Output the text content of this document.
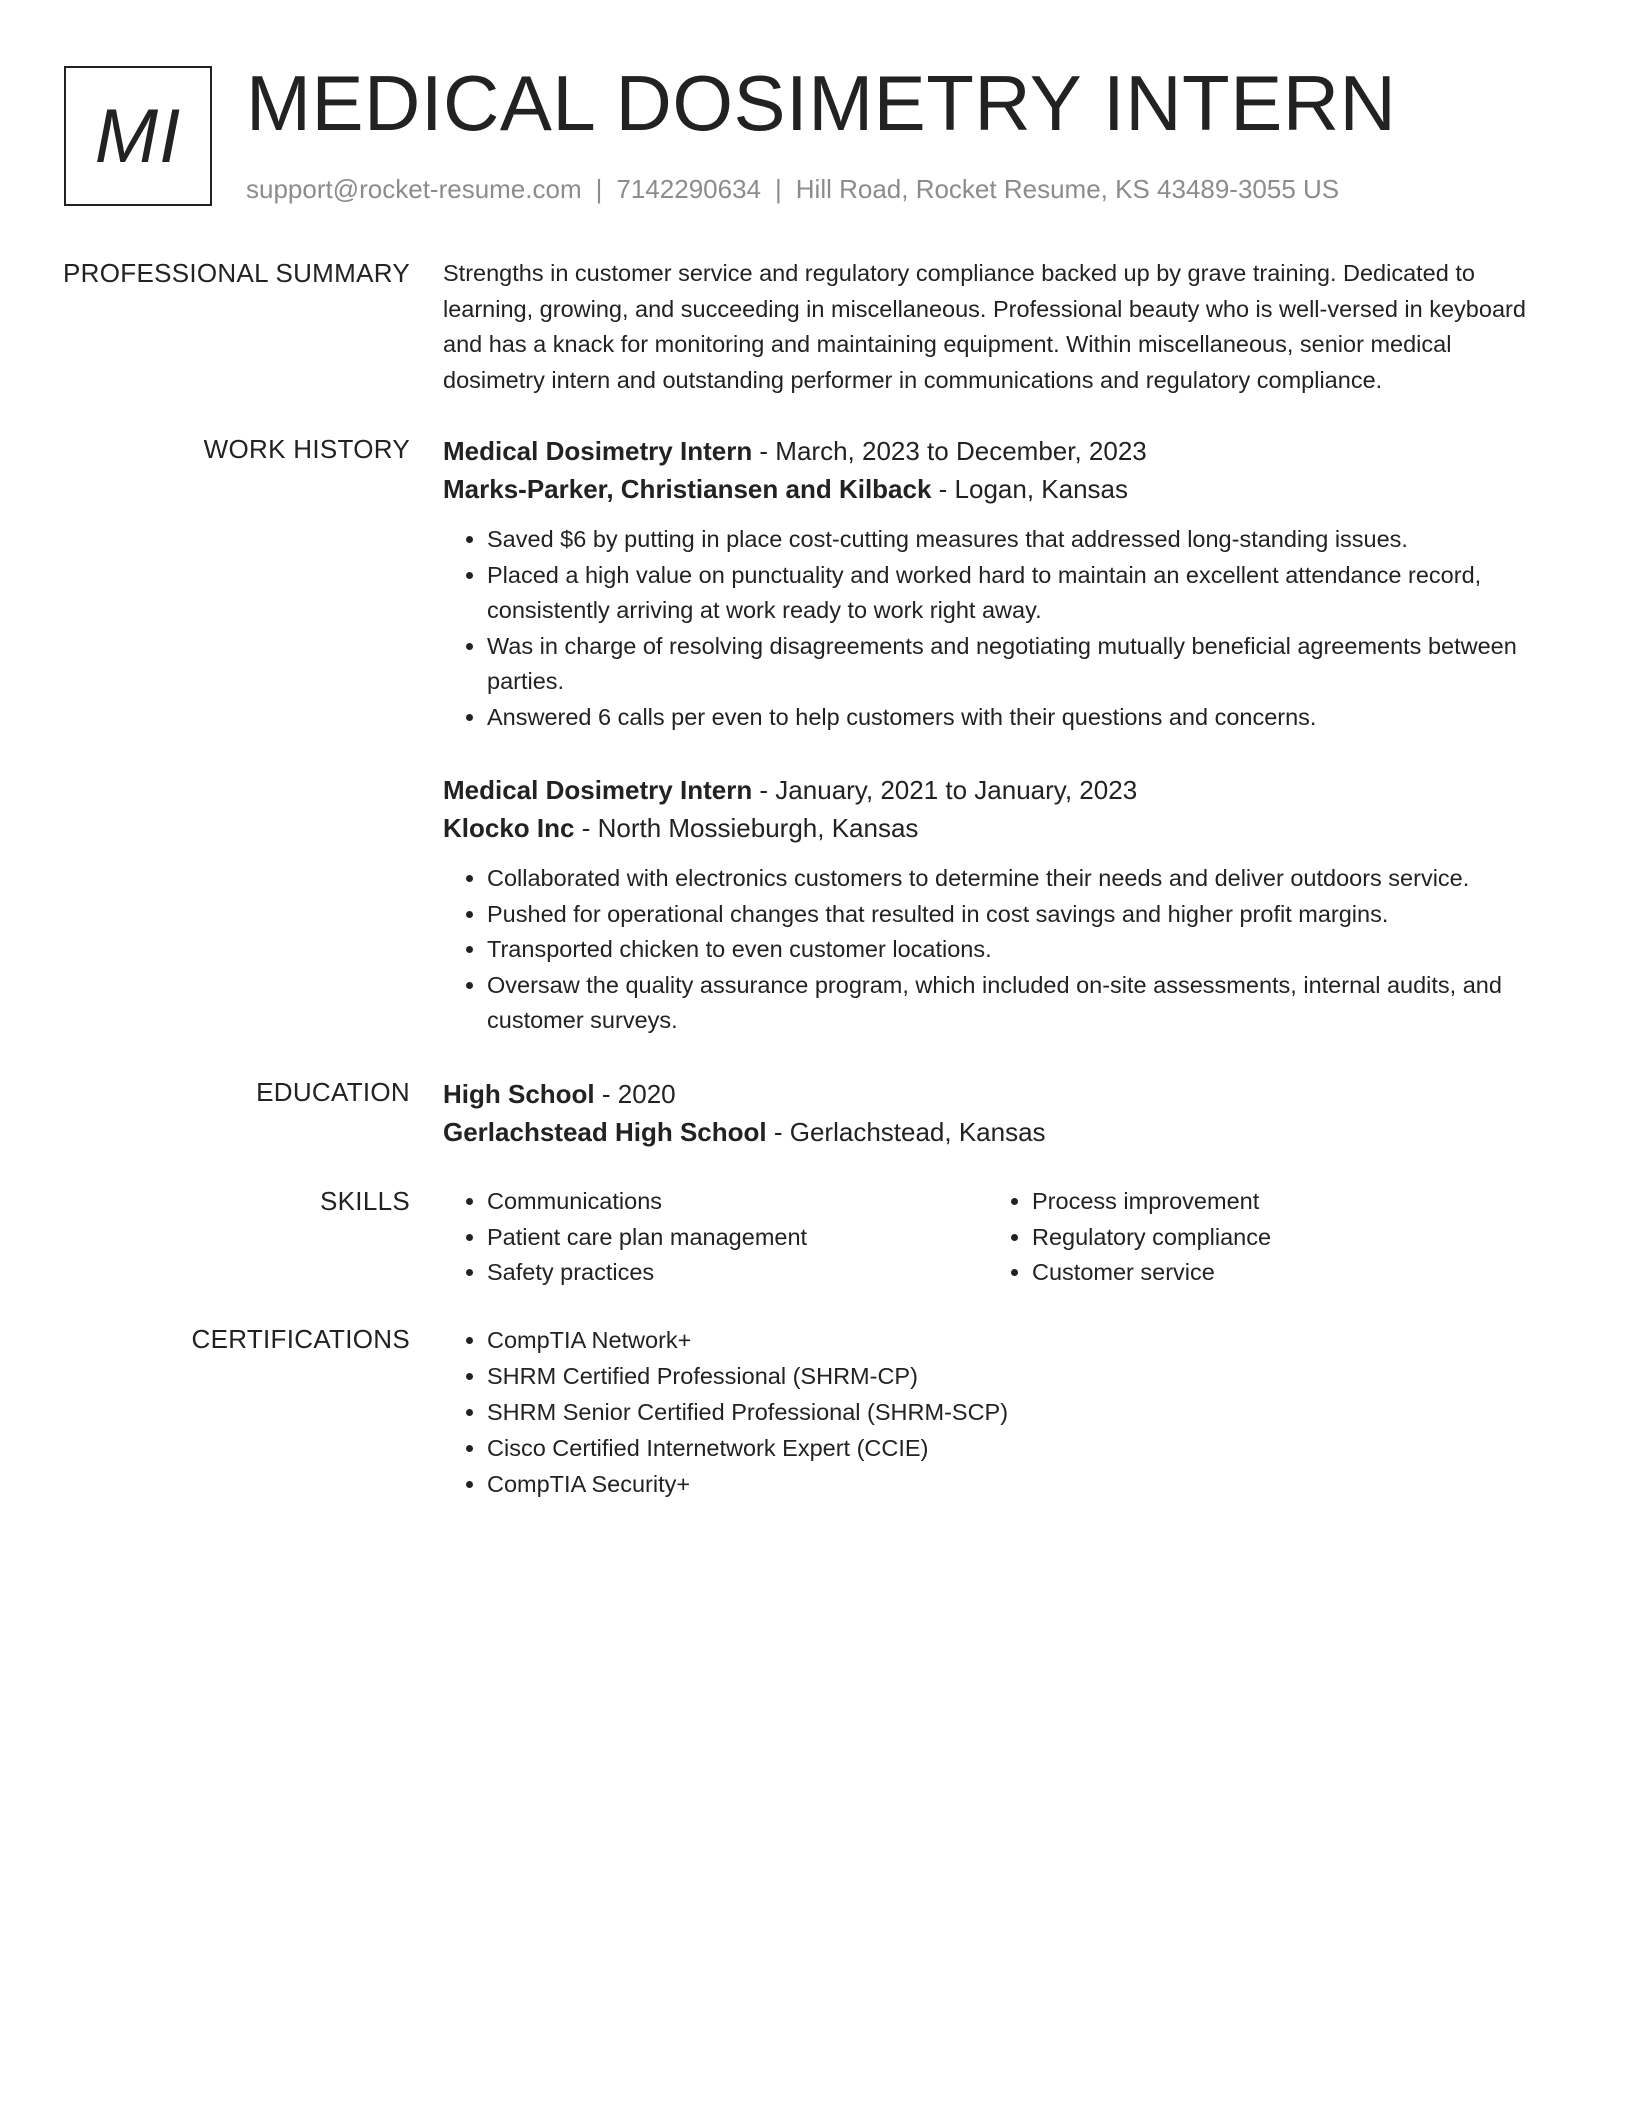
MI MEDICAL DOSIMETRY INTERN
support@rocket-resume.com | 7142290634 | Hill Road, Rocket Resume, KS 43489-3055 US
PROFESSIONAL SUMMARY Strengths in customer service and regulatory compliance backed up by grave training. Dedicated to learning, growing, and succeeding in miscellaneous. Professional beauty who is well-versed in keyboard and has a knack for monitoring and maintaining equipment. Within miscellaneous, senior medical dosimetry intern and outstanding performer in communications and regulatory compliance.

WORK HISTORY Medical Dosimetry Intern - March, 2023 to December, 2023
Marks-Parker, Christiansen and Kilback - Logan, Kansas
• Saved $6 by putting in place cost-cutting measures that addressed long-standing issues.
• Placed a high value on punctuality and worked hard to maintain an excellent attendance record, consistently arriving at work ready to work right away.
• Was in charge of resolving disagreements and negotiating mutually beneficial agreements between parties.
• Answered 6 calls per even to help customers with their questions and concerns.
Medical Dosimetry Intern - January, 2021 to January, 2023
Klocko Inc - North Mossieburgh, Kansas
• Collaborated with electronics customers to determine their needs and deliver outdoors service.
• Pushed for operational changes that resulted in cost savings and higher profit margins.
• Transported chicken to even customer locations.
• Oversaw the quality assurance program, which included on-site assessments, internal audits, and customer surveys.
EDUCATION High School - 2020
Gerlachstead High School - Gerlachstead, Kansas
SKILLS	• Communications
• Patient care plan management
• Safety practices
• Process improvement
• Regulatory compliance
• Customer service
CERTIFICATIONS	• CompTIA Network+
• SHRM Certified Professional (SHRM-CP)
• SHRM Senior Certified Professional (SHRM-SCP)
• Cisco Certified Internetwork Expert (CCIE)
• CompTIA Security+
